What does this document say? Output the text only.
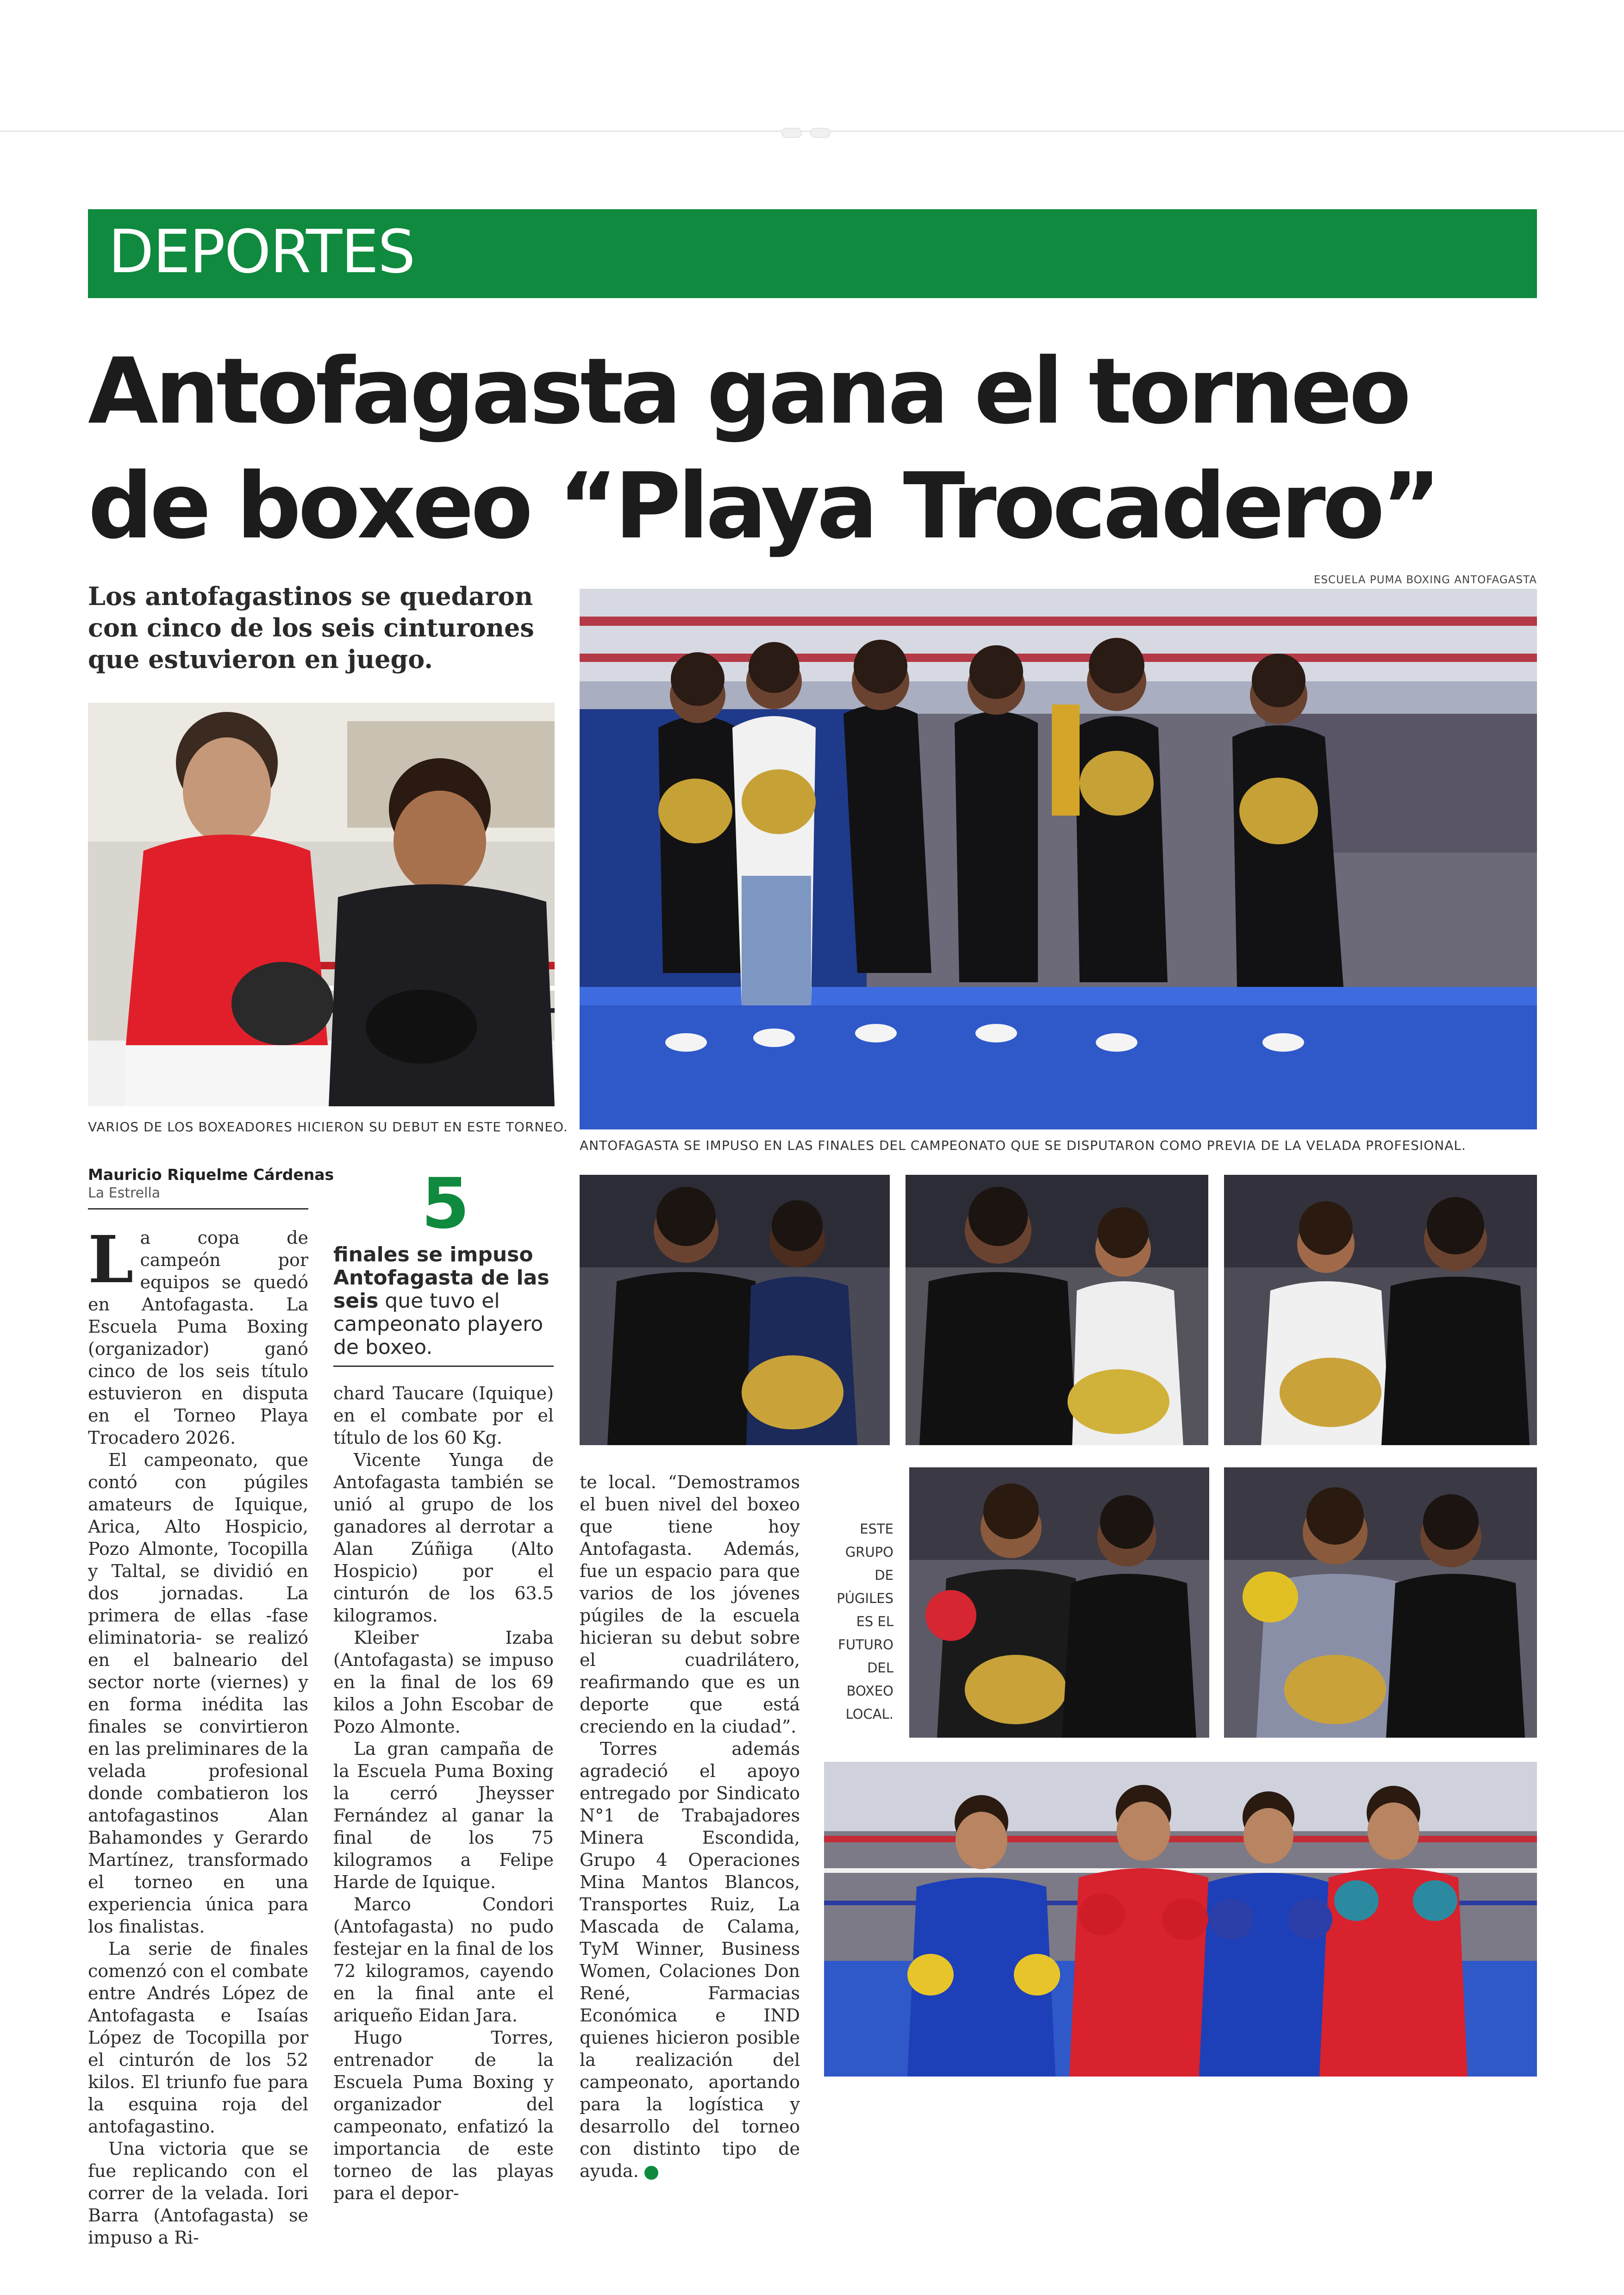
DEPORTES
Antofagasta gana el torneo de boxeo “Playa Trocadero”
Los antofagastinos se quedaron con cinco de los seis cinturones que estuvieron en juego.
ESCUELA PUMA BOXING ANTOFAGASTA
VARIOS DE LOS BOXEADORES HICIERON SU DEBUT EN ESTE TORNEO.
ANTOFAGASTA SE IMPUSO EN LAS FINALES DEL CAMPEONATO QUE SE DISPUTARON COMO PREVIA DE LA VELADA PROFESIONAL.
Mauricio Riquelme Cárdenas
La Estrella

La copa de campeón por equipos se quedó en Antofagasta. La Escuela Puma Boxing (organizador) ganó cinco de los seis título estuvieron en disputa en el Torneo Playa Trocadero 2026.

El campeonato, que contó con púgiles amateurs de Iquique, Arica, Alto Hospicio, Pozo Almonte, Tocopilla y Taltal, se dividió en dos jornadas. La primera de ellas -fase eliminatoria- se realizó en el balneario del sector norte (viernes) y en forma inédita las finales se convirtieron en las preliminares de la velada profesional donde combatieron los antofagastinos Alan Bahamondes y Gerardo Martínez, transformado el torneo en una experiencia única para los finalistas.

La serie de finales comenzó con el combate entre Andrés López de Antofagasta e Isaías López de Tocopilla por el cinturón de los 52 kilos. El triunfo fue para la esquina roja del antofagastino.

Una victoria que se fue replicando con el correr de la velada. Iori Barra (Antofagasta) se impuso a Ri-

5
finales se impuso Antofagasta de las seis que tuvo el campeonato playero de boxeo.

chard Taucare (Iquique) en el combate por el título de los 60 Kg.

Vicente Yunga de Antofagasta también se unió al grupo de los ganadores al derrotar a Alan Zúñiga (Alto Hospicio) por el cinturón de los 63.5 kilogramos.

Kleiber Izaba (Antofagasta) se impuso en la final de los 69 kilos a John Escobar de Pozo Almonte.

La gran campaña de la Escuela Puma Boxing la cerró Jheysser Fernández al ganar la final de los 75 kilogramos a Felipe Harde de Iquique.

Marco Condori (Antofagasta) no pudo festejar en la final de los 72 kilogramos, cayendo en la final ante el ariqueño Eidan Jara.

Hugo Torres, entrenador de la Escuela Puma Boxing y organizador del campeonato, enfatizó la importancia de este torneo de las playas para el depor-

te local. “Demostramos el buen nivel del boxeo que tiene hoy Antofagasta. Además, fue un espacio para que varios de los jóvenes púgiles de la escuela hicieran su debut sobre el cuadrilátero, reafirmando que es un deporte que está creciendo en la ciudad”.

Torres además agradeció el apoyo entregado por Sindicato N°1 de Trabajadores Minera Escondida, Grupo 4 Operaciones Mina Mantos Blancos, Transportes Ruiz, La Mascada de Calama, TyM Winner, Business Women, Colaciones Don René, Farmacias Económica e IND quienes hicieron posible la realización del campeonato, aportando para la logística y desarrollo del torneo con distinto tipo de ayuda. +

ESTE GRUPO DE PÚGILES ES EL FUTURO DEL BOXEO LOCAL.
